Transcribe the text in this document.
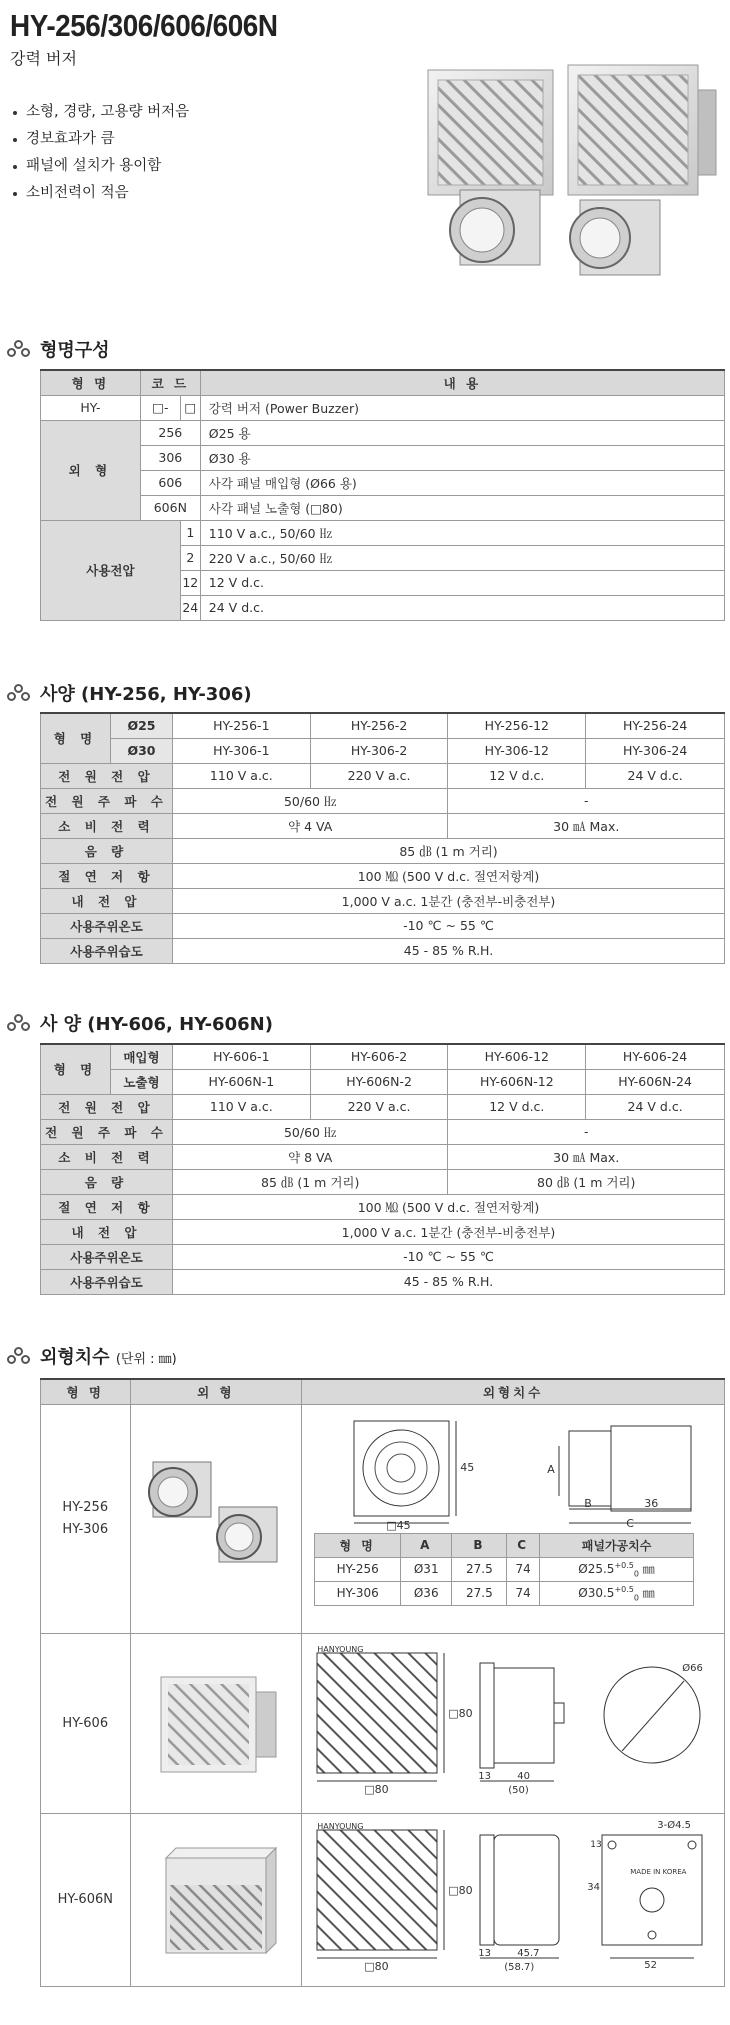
HY-256/306/606/606N
강력 버저
소형, 경량, 고용량 버저음
경보효과가 큼
패널에 설치가 용이함
소비전력이 적음
형명구성
형 명	코 드		내 용
HY-	□-	□	강력 버저 (Power Buzzer)
외 형	256		Ø25 용
	306		Ø30 용
	606		사각 패널 매입형 (Ø66 용)
	606N		사각 패널 노출형 (□80)
사용전압		1	110 V a.c., 50/60 ㎐
		2	220 V a.c., 50/60 ㎐
		12	12 V d.c.
		24	24 V d.c.
사양 (HY-256, HY-306)
형 명	Ø25	HY-256-1	HY-256-2	HY-256-12	HY-256-24
	Ø30	HY-306-1	HY-306-2	HY-306-12	HY-306-24
전 원 전 압		110 V a.c.	220 V a.c.	12 V d.c.	24 V d.c.
전 원 주 파 수		50/60 ㎐		-	
소 비 전 력		약 4 VA		30 ㎃ Max.	
음 량		85 ㏈ (1 m 거리)			
절 연 저 항		100 ㏁ (500 V d.c. 절연저항계)			
내 전 압		1,000 V a.c. 1분간 (충전부-비충전부)			
사용주위온도		-10 ℃ ~ 55 ℃			
사용주위습도		45 - 85 % R.H.			
사 양 (HY-606, HY-606N)
형 명	매입형	HY-606-1	HY-606-2	HY-606-12	HY-606-24
	노출형	HY-606N-1	HY-606N-2	HY-606N-12	HY-606N-24
전 원 전 압		110 V a.c.	220 V a.c.	12 V d.c.	24 V d.c.
전 원 주 파 수		50/60 ㎐		-	
소 비 전 력		약 8 VA		30 ㎃ Max.	
음 량		85 ㏈ (1 m 거리)		80 ㏈ (1 m 거리)	
절 연 저 항		100 ㏁ (500 V d.c. 절연저항계)			
내 전 압		1,000 V a.c. 1분간 (충전부-비충전부)			
사용주위온도		-10 ℃ ~ 55 ℃			
사용주위습도		45 - 85 % R.H.			
외형치수 (단위 : ㎜)
형 명	외 형	외형치수

HY-256
HY-306

45
□45
A
B	36
C
형 명	A	B	C	패널가공치수
HY-256	Ø31	27.5	74	$Ø25.5^{+0.5}_0$ ㎜
HY-306	Ø36	27.5	74	$Ø30.5^{+0.5}_0$ ㎜

HY-606		
HANYOUNG
□80
□80
13	40
(50)
Ø66

HY-606N		
HANYOUNG
□80
□80
13	45.7
(58.7)
3-Ø4.5
13
34
52
MADE IN KOREA
